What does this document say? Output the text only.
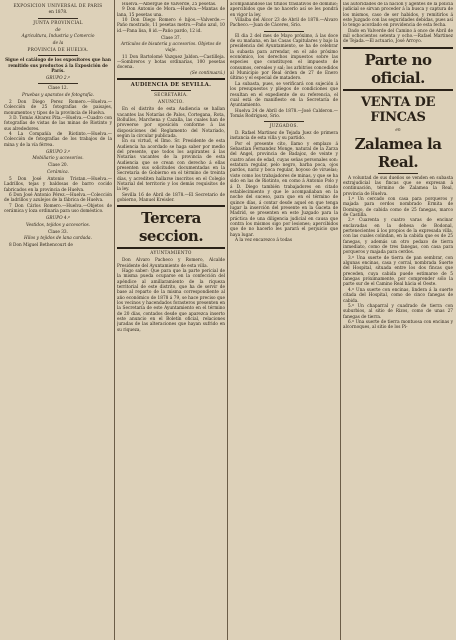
EXPOSICION UNIVERSAL DE PARIS

en 1878.

JUNTA PROVINCIAL

de

Agricultura, Industria y Comercio

de la

PROVINCIA DE HUELVA.

Sigue el catálogo de los expositores que han remitido sus productos á la Exposición de París.

GRUPO 2.º

Clase 12.

Pruebas y aparatos de fotografía.

2 Don Diego Perez Romero.—Huelva.—Colección de 25 fotografías de paisajes, monumentos y tipos de la provincia de Huelva.

3 D. Tomás Alvarez Pita.—Huelva.—Cuadro con fotografías de vistas de las minas de Riotinto y sus alrededores.

4 La Compañía de Riotinto.—Huelva.—Colección de fotografías de los trabajos de la mina y de la vía férrea.

GRUPO 3.º

Mobiliario y accesorios.

Clase 20.

Cerámica.

5 Don José Antonio Tristan.—Huelva.—Ladrillos, tejas y baldosas de barro cocido fabricados en la provincia de Huelva.

6 Don José Antonio Pérez.—Huelva.—Colección de ladrillos y azulejos de la fábrica de Huelva.

7 Don Cárlos Romero.—Huelva.—Objetos de cerámica y loza ordinaria para uso doméstico.

GRUPO 4.º

Vestidos, tejidos y accesorios.

Clase 33.

Hilos y tejidos de lana cardada.

8 Don Miguel Bethencourt de

Huelva.—Albergue de Valverde, 25 pesetas.

9 Don Antonio de Mora.—Huelva.—Mantas de lana, 15 pesetas una.

10 Don Diego Romero é hijos.—Valverde.—Paño mostrado, 11 pesetas metro.—Paño azul, 10 id.—Pana lisa, 8 id.—Paño pardo, 12 id.

Clase 37.

Artículos de bisutería y accesorios. Objetos de viaje.

11 Don Bartolomé Vazquez Jaldon.—Castilleja.—Sombreros y botas ordinarias, 100 pesetas docena.

(Se continuará.)

AUDIENCIA DE SEVILLA.

SECRETARIA.

ANUNCIO.

En el distrito de esta Audiencia se hallan vacantes las Notarías de Palos, Cortegana, Rota, Bollullos, Marchena y Cazalla, las cuales han de proveerse por oposición conforme á las disposiciones del Reglamento del Notariado, según la circular publicada.

En su virtud, el Ilmo. Sr. Presidente de esta Audiencia ha acordado se haga saber por medio del presente, que todos los aspirantes á las Notarías vacantes de la provincia de esta Audiencia que se crean con derecho á ellas presenten sus solicitudes documentadas en la Secretaría de Gobierno en el término de treinta días, y acrediten hallarse inscritos en el Colegio Notarial del territorio y los demás requisitos de la ley.

Sevilla 16 de Abril de 1878.—El Secretario de gobierno, Manuel Kreisler.

Tercera seccion.

AYUNTAMIENTO

Don Alvaro Pacheco y Romero, Alcalde Presidente del Ayuntamiento de esta villa.

Hago saber: Que para que la parte pericial de la misma pueda ocuparse en la confección del apéndice al amillaramiento de la riqueza territorial de este distrito, que ha de servir de base al reparto de la misma correspondiente al año económico de 1878 á 79, se hace preciso que los vecinos y hacendados forasteros presenten en la Secretaría de este Ayuntamiento en el término de 20 días, contados desde que aparezca inserto este anuncio en el Boletín oficial, relaciones juradas de las alteraciones que hayan sufrido en su riqueza,

acompañándose las títulos traslativos de dominio; apercibidos que de no hacerlo así se les pondrá en vigor la ley.

Villalba del Alcor 23 de Abril de 1878.—Alvaro Pacheco.—Juan de Cáceres, Srio.

El dia 2 del mes de Mayo próximo, á las doce de su mañana, en las Casas Capitulares y bajo la presidencia del Ayuntamiento, se ha de celebrar la subasta para arrendar, en el año próximo económico, los derechos impuestos sobre las especies que constituyen el impuesto de consumos, cereales y sal; los arbitrios concedidos al Municipio por Real órden de 27 de Enero último y el especial de matadero.

La subasta, pues, se verificará con sujeción á los presupuestos y pliegos de condiciones que resultan en el expediente de su referencia, el cual está de manifiesto en la Secretaría de Ayuntamiento.

Huelva 24 de Abril de 1878.—José Calderon.—Tomás Rodriguez, Srio.

JUZGADOS.

D. Rafael Martinez de Tejada Juez de primera instancia de esta villa y su partido.

Por el presente cito, llamo y emplazo á Sebastian Fernandez Monge, natural de la Zarza del Angel, provincia de Badajoz, de veinte y cuatro años de edad, cuyas señas personales son: estatura regular, pelo negro, barba poca, ojos pardos, nariz y boca regular, hoyoso de viruelas; viste como los trabajadores de minas, y que se ha sido en las de Riotinto, en como á Antonio Polo y á D. Diego también trabajadores en citado establecimiento y que le acompañaban en la noche del suceso, para que en el término de quince días, á contar desde aquel en que tenga lugar la inserción del presente en la Gaceta de Madrid, se presenten en este Juzgado para la práctica de una diligencia judicial en causa que contra los mismos sigo por lesiones; apercibidos que de no hacerlo les parará el perjuicio que haya lugar.

A la vez encarezco á todas

las autoridades de la nación y agentes de la policía judicial se sirvan proceder á la busca y captura de los mismos, caso de ser habidos, y remitirlos á este Juzgado con las seguridades debidas, pues así lo tengo acordado en providencia de esta fecha.

Dado en Valverde del Camino á once de Abril de mil ochocientos setenta y ocho.—Rafael Martinez de Tejada.—El actuario, José Arroyo.

Parte no oficial.
VENTA DE FINCAS

en

Zalamea la Real.

A voluntad de sus dueños se venden en subasta extrajudicial las fincas que se expresan á continuación, término de Zalamea la Real, provincia de Huelva.

1.º Un cercado con casa para porqueros y majada para cerdos nombrado Ermita de Domingo, de cabida como de 25 fanegas, marco de Castilla.

2.º Cuarenta y cuatro varas de encinar enclavadas en la dehesa de Bodonal, pertenecientes á los propios de la expresada villa, con las cuales colindan, en la cabida que es de 25 fanegas, y además un otro pedazo de tierra inmediato, como de tres fanegas, con casa para porqueros y majada para cerdos.

3.º Una suerte de tierra de pan sembrar, con algunas encinas, casa y corral, nombrada Suerte del Hospital, situada entre los dos fincas que preceden, cuya cabida puede estimarse de 5 fanegas próximamente, por comprender sólo la parte sur de el Camino Real hácia el Oeste.

4.º Una suerte con encinas, lindera á la suerte citada del Hospital, como de cinco fanegas de cabida.

5.º Un chaparral y cuadrado de tierra con suburbios, al sitio de Rizos, como de unas 27 fanegas de tierra.

6.º Una suerte de tierra montuosa con encinas y alcornoques, al sitio de los Pi-
